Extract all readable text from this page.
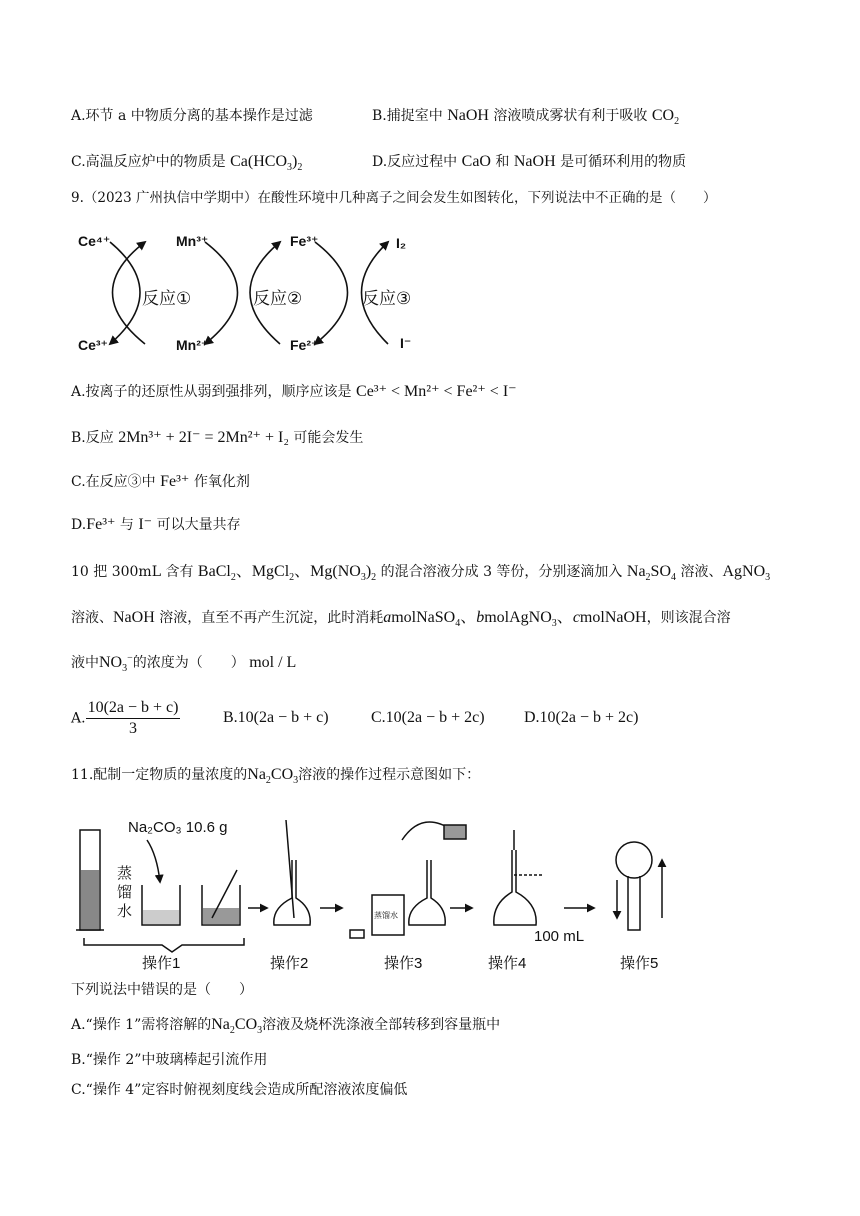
A.环节 a 中物质分离的基本操作是过滤	B.捕捉室中 NaOH 溶液喷成雾状有利于吸收 $CO_2$
C.高温反应炉中的物质是 $Ca(HCO_3)_2$	D.反应过程中 CaO 和 NaOH 是可循环利用的物质
9.（2023 广州执信中学期中）在酸性环境中几种离子之间会发生如图转化，下列说法中不正确的是（　　）
Ce⁴⁺
Ce³⁺
Mn³⁺
Mn²⁺
Fe³⁺
Fe²⁺
I₂
I⁻
反应①	反应②	反应③
A.按离子的还原性从弱到强排列，顺序应该是 Ce³⁺ < Mn²⁺ < Fe²⁺ < I⁻
B.反应 2Mn³⁺ + 2I⁻ = 2Mn²⁺ + I₂ 可能会发生
C.在反应③中 Fe³⁺ 作氧化剂
D.Fe³⁺ 与 I⁻ 可以大量共存
10 把 300mL 含有 BaCl$_2$、MgCl$_2$、$Mg(NO_3)_2$ 的混合溶液分成 3 等份，分别逐滴加入 $Na_2SO_4$ 溶液、AgNO$_3$
溶液、NaOH 溶液，直至不再产生沉淀，此时消耗amolNaSO$_4$、bmolAgNO$_3$、cmolNaOH，则该混合溶
液中$NO_3^-$的浓度为（　　） mol / L
A. $\frac{10(2a - b + c)}{3}$	B.10(2a − b + c)	C.10(2a − b + 2c) D.10(2a − b + 2c)
11.配制一定物质的量浓度的$Na_2CO_3$溶液的操作过程示意图如下：
Na₂CO₃ 10.6 g
蒸
馏
水	蒸馏水
100 mL
操作1	操作2	操作3	操作4	操作5
下列说法中错误的是（　　）
A.“操作 1”需将溶解的$Na_2CO_3$溶液及烧杯洗涤液全部转移到容量瓶中
B.“操作 2”中玻璃棒起引流作用
C.“操作 4”定容时俯视刻度线会造成所配溶液浓度偏低
